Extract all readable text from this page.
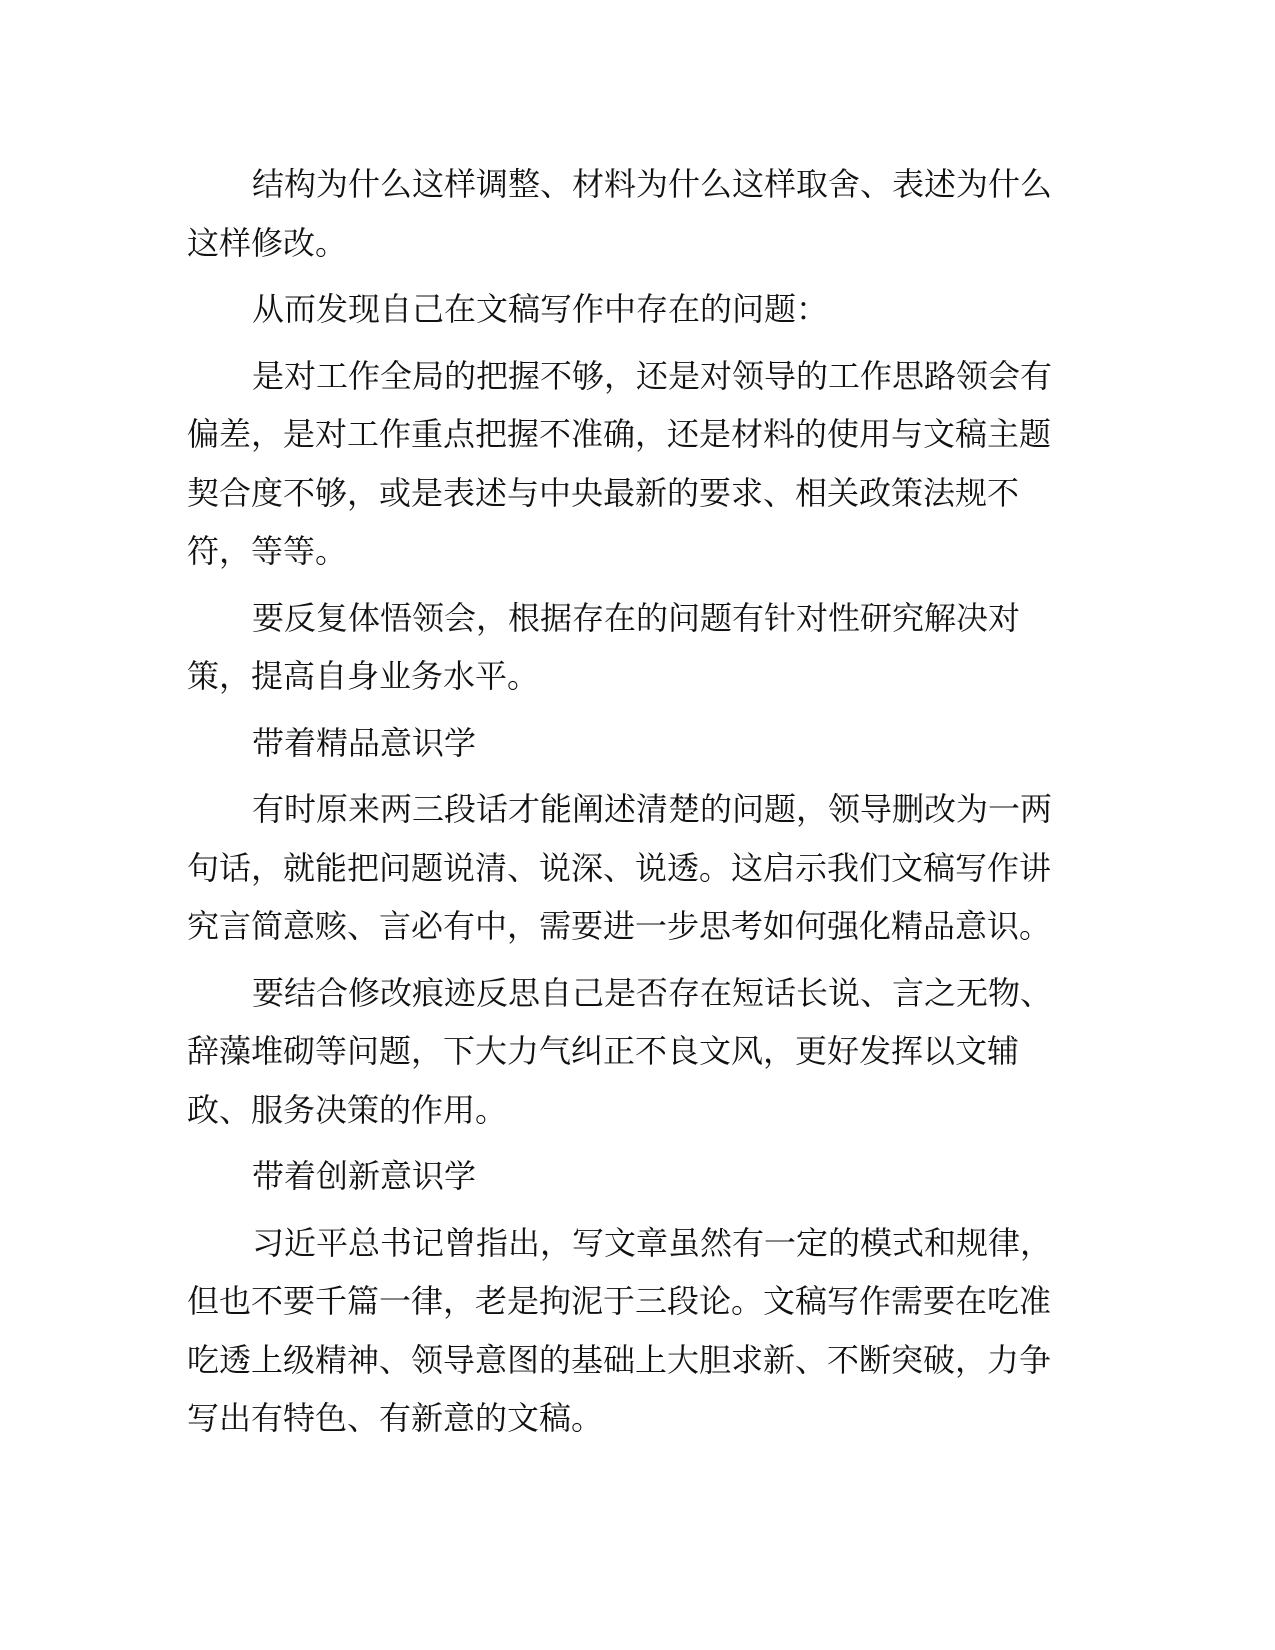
结构为什么这样调整、材料为什么这样取舍、表述为什么
这样修改。

从而发现自己在文稿写作中存在的问题：

是对工作全局的把握不够，还是对领导的工作思路领会有
偏差，是对工作重点把握不准确，还是材料的使用与文稿主题
契合度不够，或是表述与中央最新的要求、相关政策法规不
符，等等。

要反复体悟领会，根据存在的问题有针对性研究解决对
策，提高自身业务水平。

带着精品意识学

有时原来两三段话才能阐述清楚的问题，领导删改为一两
句话，就能把问题说清、说深、说透。这启示我们文稿写作讲
究言简意赅、言必有中，需要进一步思考如何强化精品意识。

要结合修改痕迹反思自己是否存在短话长说、言之无物、
辞藻堆砌等问题，下大力气纠正不良文风，更好发挥以文辅
政、服务决策的作用。

带着创新意识学

习近平总书记曾指出，写文章虽然有一定的模式和规律，
但也不要千篇一律，老是拘泥于三段论。文稿写作需要在吃准
吃透上级精神、领导意图的基础上大胆求新、不断突破，力争
写出有特色、有新意的文稿。
